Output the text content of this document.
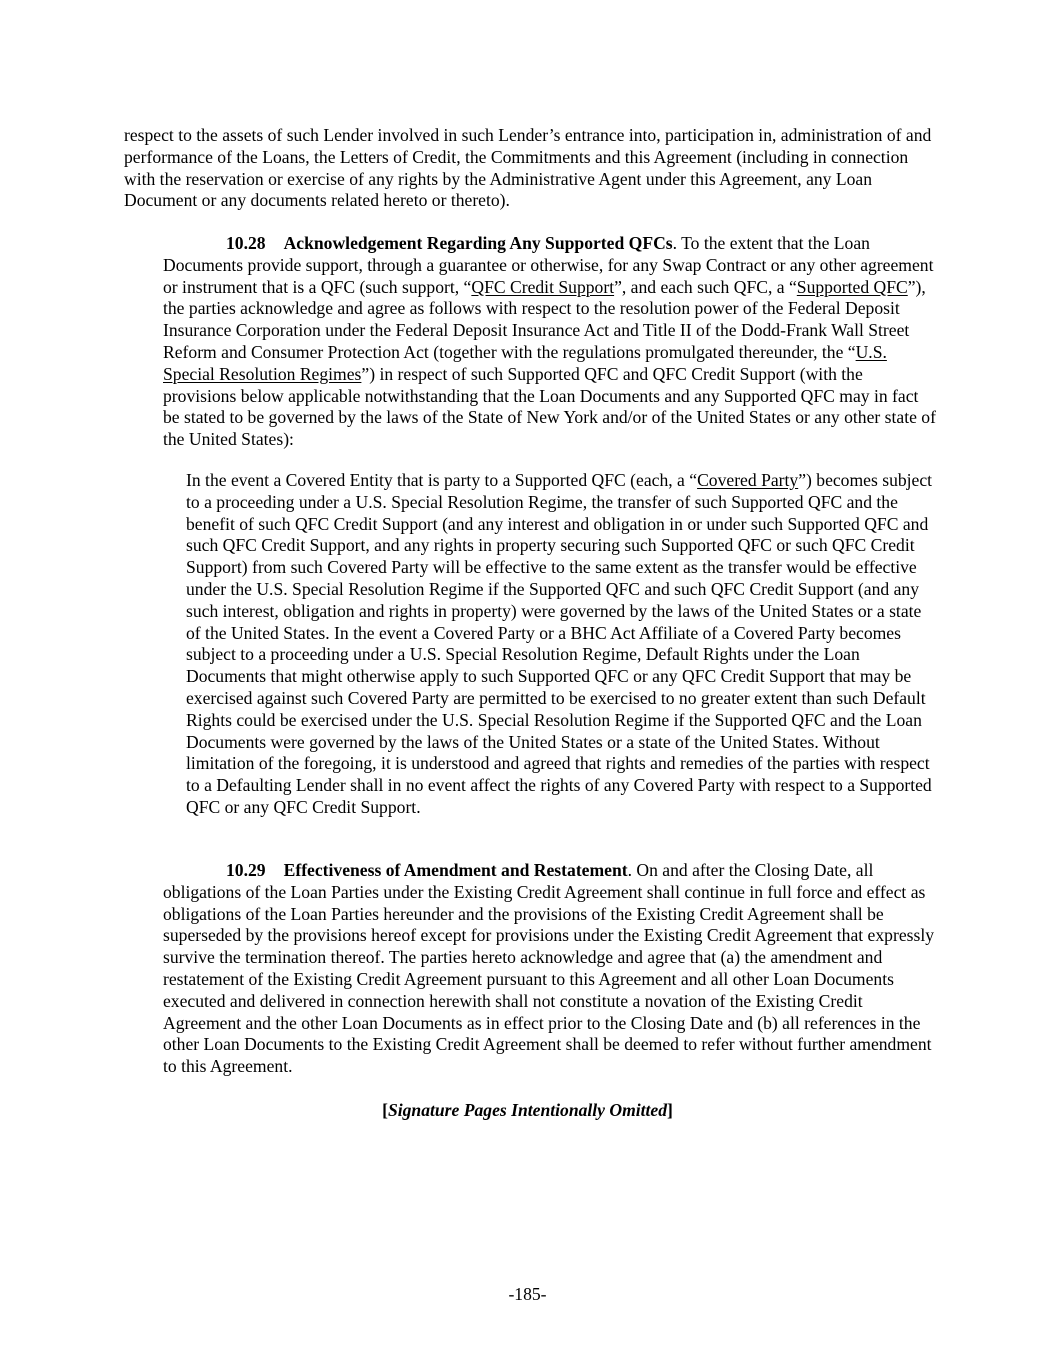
respect to the assets of such Lender involved in such Lender’s entrance into, participation in, administration of and performance of the Loans, the Letters of Credit, the Commitments and this Agreement (including in connection with the reservation or exercise of any rights by the Administrative Agent under this Agreement, any Loan Document or any documents related hereto or thereto).

10.28 Acknowledgement Regarding Any Supported QFCs. To the extent that the Loan Documents provide support, through a guarantee or otherwise, for any Swap Contract or any other agreement or instrument that is a QFC (such support, “QFC Credit Support”, and each such QFC, a “Supported QFC”), the parties acknowledge and agree as follows with respect to the resolution power of the Federal Deposit Insurance Corporation under the Federal Deposit Insurance Act and Title II of the Dodd-Frank Wall Street Reform and Consumer Protection Act (together with the regulations promulgated thereunder, the “U.S. Special Resolution Regimes”) in respect of such Supported QFC and QFC Credit Support (with the provisions below applicable notwithstanding that the Loan Documents and any Supported QFC may in fact be stated to be governed by the laws of the State of New York and/or of the United States or any other state of the United States):

In the event a Covered Entity that is party to a Supported QFC (each, a “Covered Party”) becomes subject to a proceeding under a U.S. Special Resolution Regime, the transfer of such Supported QFC and the benefit of such QFC Credit Support (and any interest and obligation in or under such Supported QFC and such QFC Credit Support, and any rights in property securing such Supported QFC or such QFC Credit Support) from such Covered Party will be effective to the same extent as the transfer would be effective under the U.S. Special Resolution Regime if the Supported QFC and such QFC Credit Support (and any such interest, obligation and rights in property) were governed by the laws of the United States or a state of the United States. In the event a Covered Party or a BHC Act Affiliate of a Covered Party becomes subject to a proceeding under a U.S. Special Resolution Regime, Default Rights under the Loan Documents that might otherwise apply to such Supported QFC or any QFC Credit Support that may be exercised against such Covered Party are permitted to be exercised to no greater extent than such Default Rights could be exercised under the U.S. Special Resolution Regime if the Supported QFC and the Loan Documents were governed by the laws of the United States or a state of the United States. Without limitation of the foregoing, it is understood and agreed that rights and remedies of the parties with respect to a Defaulting Lender shall in no event affect the rights of any Covered Party with respect to a Supported QFC or any QFC Credit Support.

10.29 Effectiveness of Amendment and Restatement. On and after the Closing Date, all obligations of the Loan Parties under the Existing Credit Agreement shall continue in full force and effect as obligations of the Loan Parties hereunder and the provisions of the Existing Credit Agreement shall be superseded by the provisions hereof except for provisions under the Existing Credit Agreement that expressly survive the termination thereof. The parties hereto acknowledge and agree that (a) the amendment and restatement of the Existing Credit Agreement pursuant to this Agreement and all other Loan Documents executed and delivered in connection herewith shall not constitute a novation of the Existing Credit Agreement and the other Loan Documents as in effect prior to the Closing Date and (b) all references in the other Loan Documents to the Existing Credit Agreement shall be deemed to refer without further amendment to this Agreement.

[Signature Pages Intentionally Omitted]
-185-
